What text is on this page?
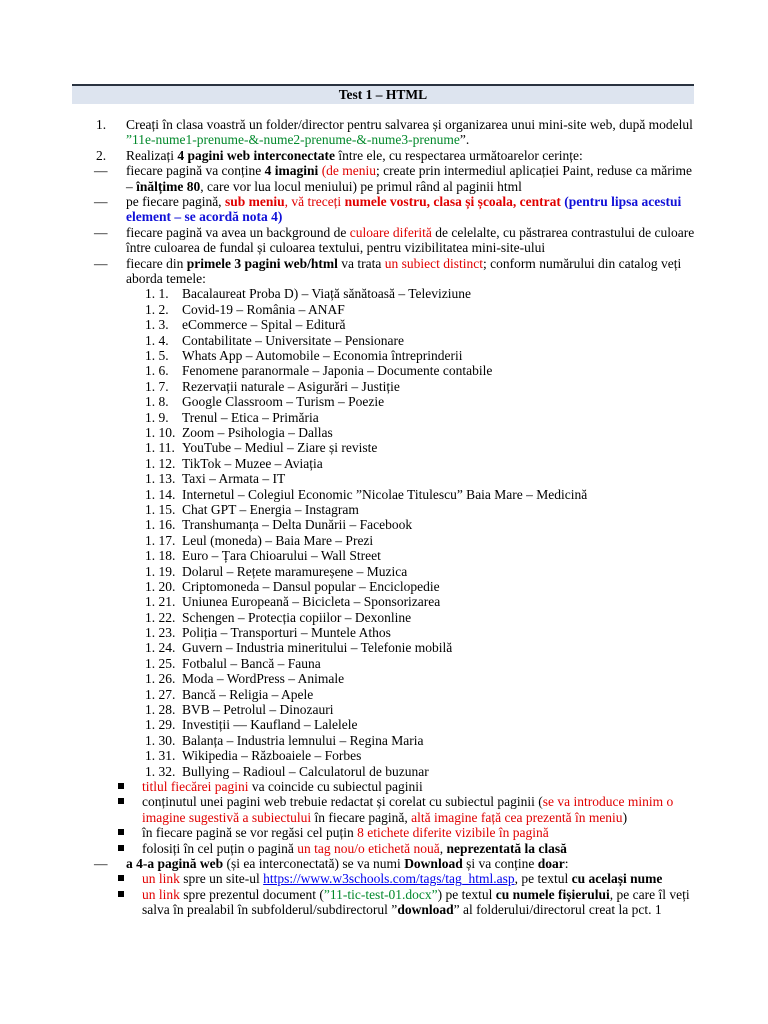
Test 1 – HTML
1.	Creați în clasa voastră un folder/director pentru salvarea și organizarea unui mini-site web, după modelul ”11e-nume1-prenume-&-nume2-prenume-&-nume3-prenume”.
2.	Realizați 4 pagini web interconectate între ele, cu respectarea următoarelor cerințe:
—	fiecare pagină va conține 4 imagini (de meniu; create prin intermediul aplicației Paint, reduse ca mărime – înălțime 80, care vor lua locul meniului) pe primul rând al paginii html
—	pe fiecare pagină, sub meniu, vă treceți numele vostru, clasa și școala, centrat (pentru lipsa acestui element – se acordă nota 4)
—	fiecare pagină va avea un background de culoare diferită de celelalte, cu păstrarea contrastului de culoare între culoarea de fundal și culoarea textului, pentru vizibilitatea mini-site-ului
—	fiecare din primele 3 pagini web/html va trata un subiect distinct; conform numărului din catalog veți aborda temele:
1. 1. Bacalaureat Proba D) – Viață sănătoasă – Televiziune
1. 2. Covid-19 – România – ANAF
1. 3. eCommerce – Spital – Editură
1. 4. Contabilitate – Universitate – Pensionare
1. 5. Whats App – Automobile – Economia întreprinderii
1. 6. Fenomene paranormale – Japonia – Documente contabile
1. 7. Rezervații naturale – Asigurări – Justiție
1. 8. Google Classroom – Turism – Poezie
1. 9. Trenul – Etica – Primăria
1. 10. Zoom – Psihologia – Dallas
1. 11. YouTube – Mediul – Ziare și reviste
1. 12. TikTok – Muzee – Aviația
1. 13. Taxi – Armata – IT
1. 14. Internetul – Colegiul Economic ”Nicolae Titulescu” Baia Mare – Medicină
1. 15. Chat GPT – Energia – Instagram
1. 16. Transhumanța – Delta Dunării – Facebook
1. 17. Leul (moneda) – Baia Mare – Prezi
1. 18. Euro – Țara Chioarului – Wall Street
1. 19. Dolarul – Rețete maramureșene – Muzica
1. 20. Criptomoneda – Dansul popular – Enciclopedie
1. 21. Uniunea Europeană – Bicicleta – Sponsorizarea
1. 22. Schengen – Protecția copiilor – Dexonline
1. 23. Poliția – Transporturi – Muntele Athos
1. 24. Guvern – Industria mineritului – Telefonie mobilă
1. 25. Fotbalul – Bancă – Fauna
1. 26. Moda – WordPress – Animale
1. 27. Bancă – Religia – Apele
1. 28. BVB – Petrolul – Dinozauri
1. 29. Investiții — Kaufland – Lalelele
1. 30. Balanța – Industria lemnului – Regina Maria
1. 31. Wikipedia – Războaiele – Forbes
1. 32. Bullying – Radioul – Calculatorul de buzunar
titlul fiecărei pagini va coincide cu subiectul paginii
conținutul unei pagini web trebuie redactat și corelat cu subiectul paginii (se va introduce minim o imagine sugestivă a subiectului în fiecare pagină, altă imagine față cea prezentă în meniu)
în fiecare pagină se vor regăsi cel puțin 8 etichete diferite vizibile în pagină
folosiți în cel puțin o pagină un tag nou/o etichetă nouă, neprezentată la clasă
—	a 4-a pagină web (și ea interconectată) se va numi Download și va conține doar:
un link spre un site-ul https://www.w3schools.com/tags/tag_html.asp, pe textul cu același nume
un link spre prezentul document (”11-tic-test-01.docx”) pe textul cu numele fișierului, pe care îl veți salva în prealabil în subfolderul/subdirectorul ”download” al folderului/directorul creat la pct. 1
